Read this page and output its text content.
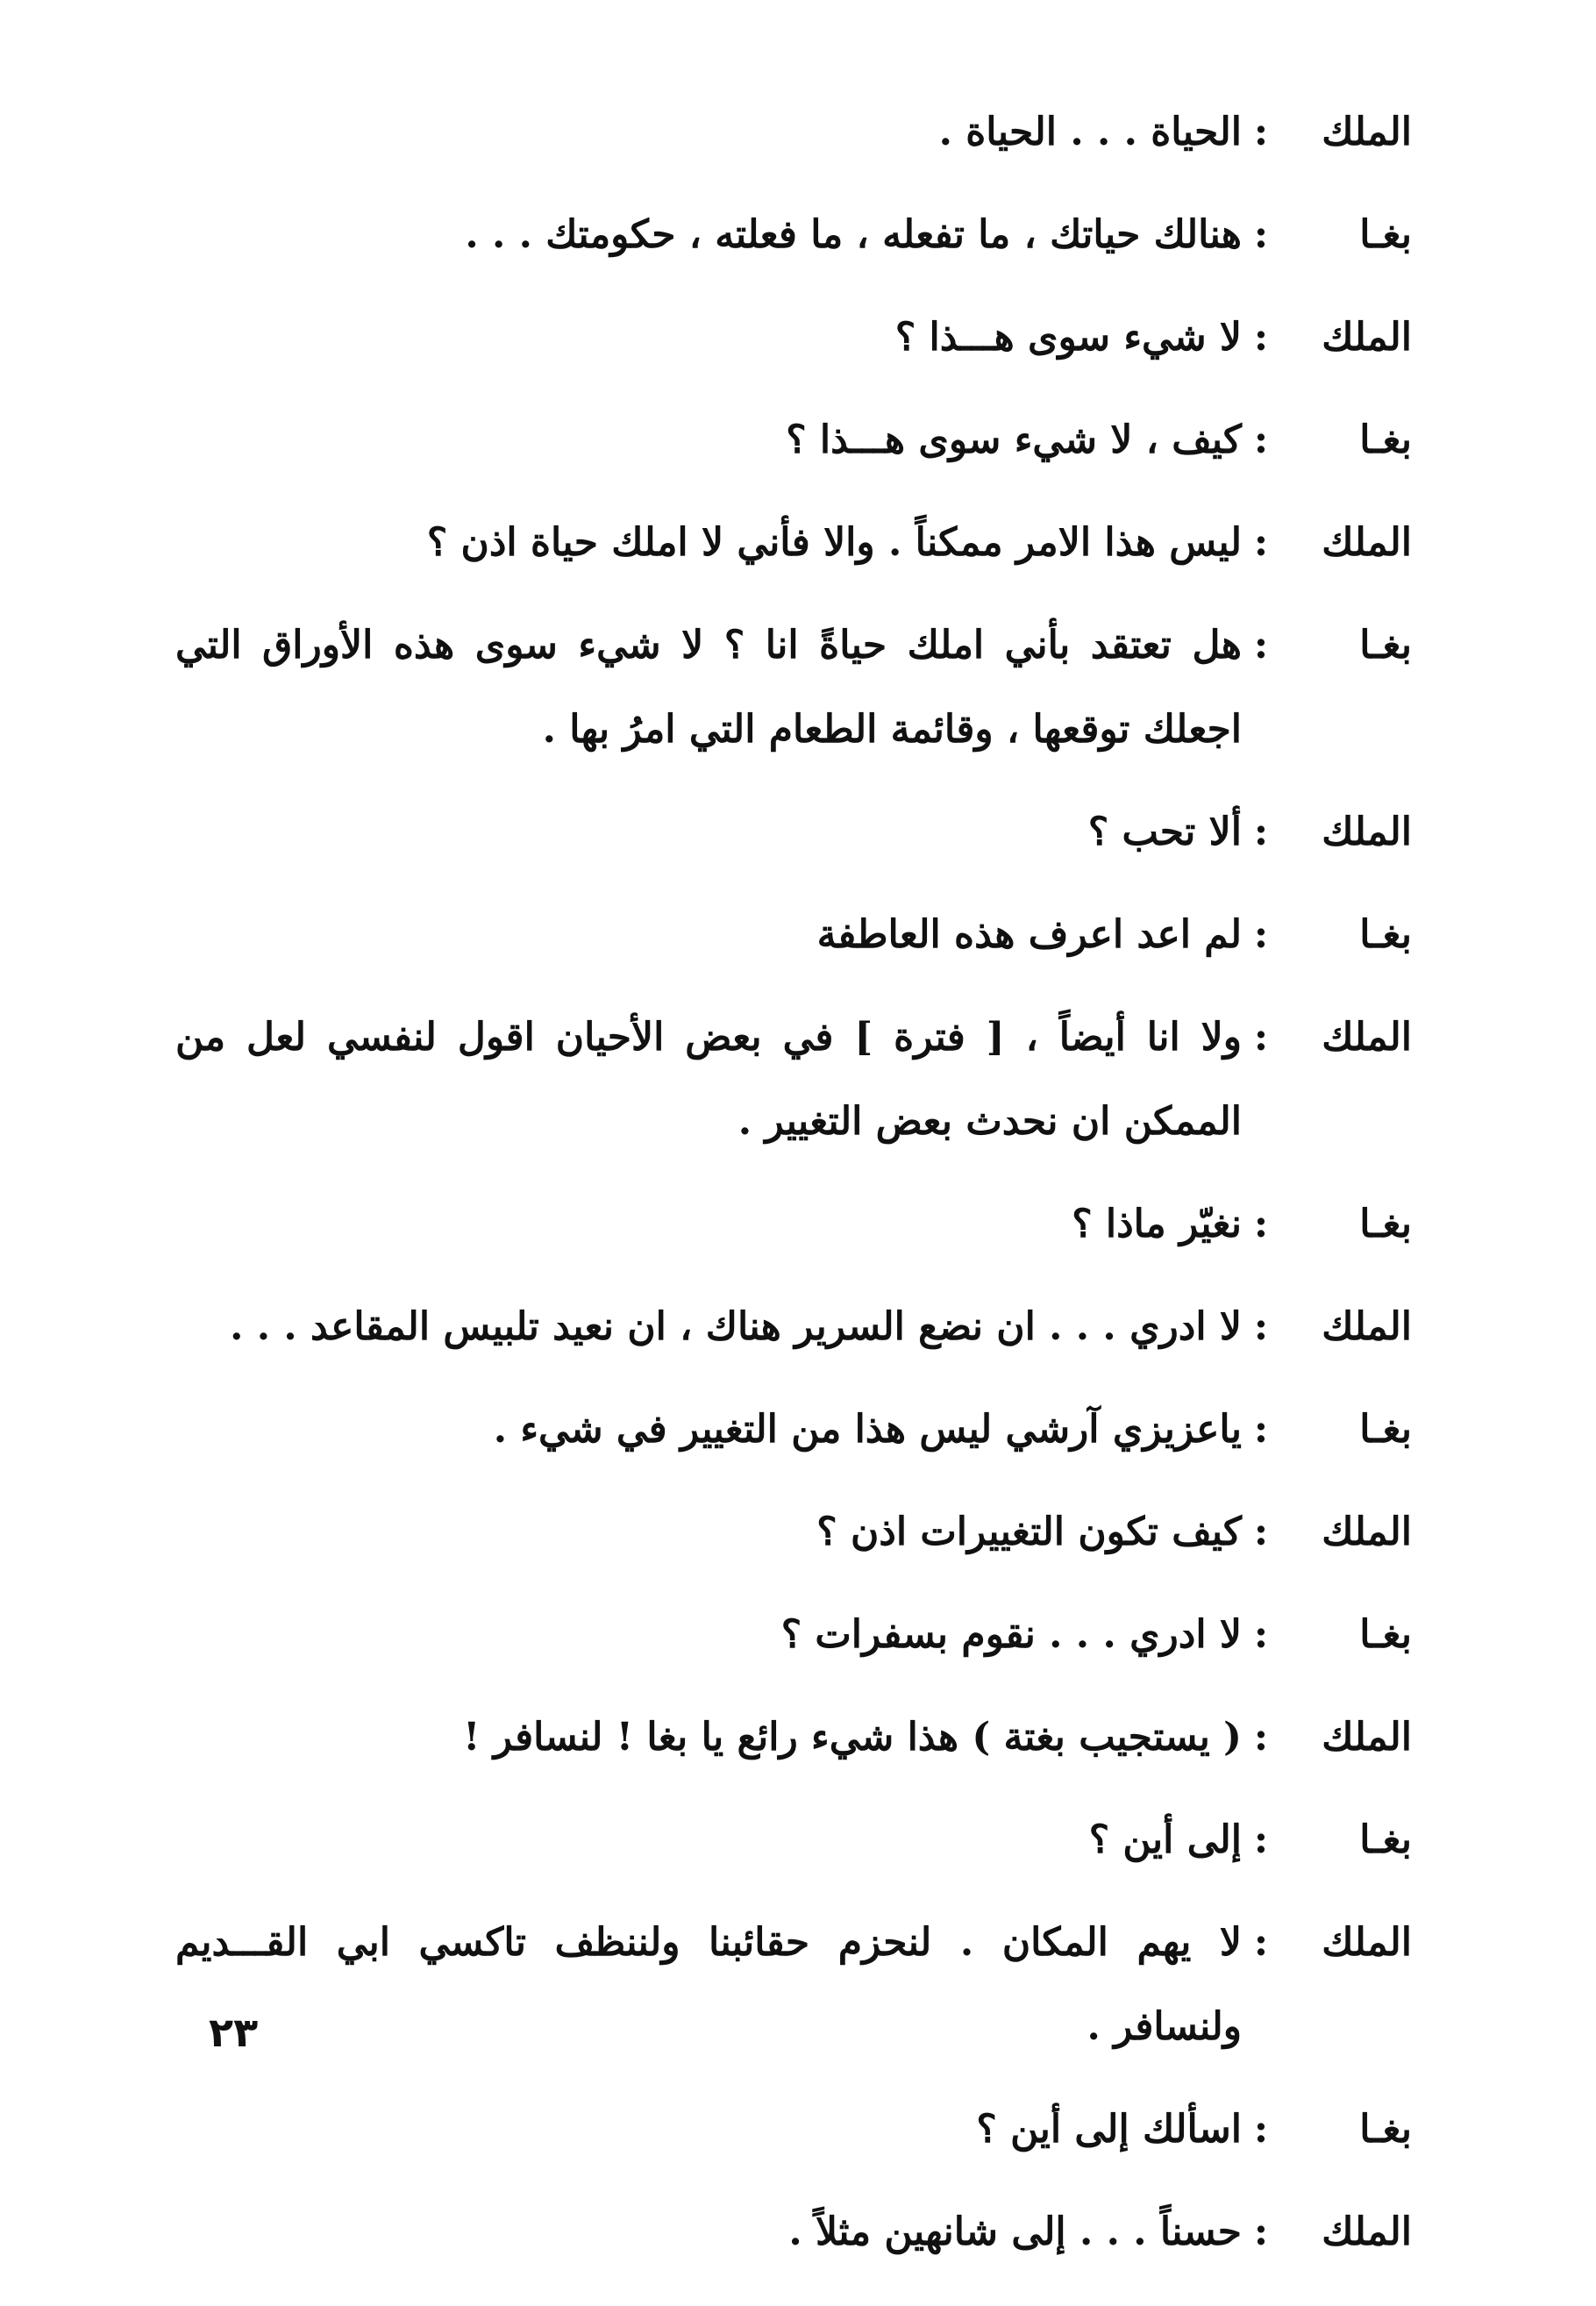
الملك
:
الحياة . . . الحياة .
بغـا
:
هنالك حياتك ، ما تفعله ، ما فعلته ، حكومتك . . .
الملك
:
لا شيء سوى هـــذا ؟
بغـا
:
كيف ، لا شيء سوى هـــذا ؟
الملك
:
ليس هذا الامر ممكناً . والا فأني لا املك حياة اذن ؟
بغـا
:
هل تعتقد بأني املك حياةً انا ؟ لا شيء سوى هذه الأوراق التي اجعلك توقعها ، وقائمة الطعام التي امرُ بها .
الملك
:
ألا تحب ؟
بغـا
:
لم اعد اعرف هذه العاطفة
الملك
:
ولا انا أيضاً ، [ فترة ] في بعض الأحيان اقول لنفسي لعل من الممكن ان نحدث بعض التغيير .
بغـا
:
نغيّر ماذا ؟
الملك
:
لا ادري . . . ان نضع السرير هناك ، ان نعيد تلبيس المقاعد . . .
بغـا
:
ياعزيزي آرشي ليس هذا من التغيير في شيء .
الملك
:
كيف تكون التغييرات اذن ؟
بغـا
:
لا ادري . . . نقوم بسفرات ؟
الملك
:
( يستجيب بغتة ) هذا شيء رائع يا بغا ! لنسافر !
بغـا
:
إلى أين ؟
الملك
:
لا يهم المكان . لنحزم حقائبنا ولننظف تاكسي ابي القـــديم ولنسافر .
بغـا
:
اسألك إلى أين ؟
الملك
:
حسناً . . . إلى شانهين مثلاً .
٢٣
